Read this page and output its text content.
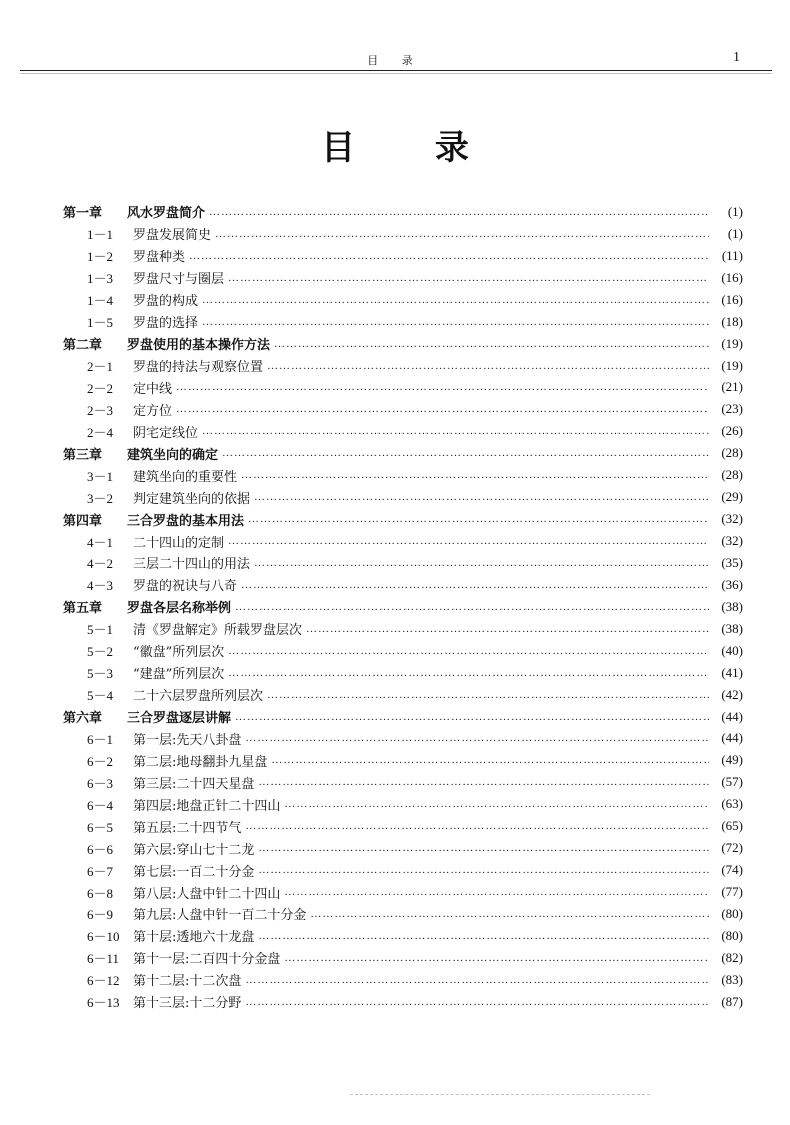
目 录	1
目 录
第一章	风水罗盘简介 …………………………………………………………………………………………………………………………………………………………………………………………………………	(1)
1－1	罗盘发展简史 …………………………………………………………………………………………………………………………………………………………………………………………………………	(1)
1－2	罗盘种类 …………………………………………………………………………………………………………………………………………………………………………………………………………	(11)
1－3	罗盘尺寸与圈层 …………………………………………………………………………………………………………………………………………………………………………………………………………	(16)
1－4	罗盘的构成 …………………………………………………………………………………………………………………………………………………………………………………………………………	(16)
1－5	罗盘的选择 …………………………………………………………………………………………………………………………………………………………………………………………………………	(18)
第二章	罗盘使用的基本操作方法 …………………………………………………………………………………………………………………………………………………………………………………………………………	(19)
2－1	罗盘的持法与观察位置 …………………………………………………………………………………………………………………………………………………………………………………………………………	(19)
2－2	定中线 …………………………………………………………………………………………………………………………………………………………………………………………………………	(21)
2－3	定方位 …………………………………………………………………………………………………………………………………………………………………………………………………………	(23)
2－4	阴宅定线位 …………………………………………………………………………………………………………………………………………………………………………………………………………	(26)
第三章	建筑坐向的确定 …………………………………………………………………………………………………………………………………………………………………………………………………………	(28)
3－1	建筑坐向的重要性 …………………………………………………………………………………………………………………………………………………………………………………………………………	(28)
3－2	判定建筑坐向的依据 …………………………………………………………………………………………………………………………………………………………………………………………………………	(29)
第四章	三合罗盘的基本用法 …………………………………………………………………………………………………………………………………………………………………………………………………………	(32)
4－1	二十四山的定制 …………………………………………………………………………………………………………………………………………………………………………………………………………	(32)
4－2	三层二十四山的用法 …………………………………………………………………………………………………………………………………………………………………………………………………………	(35)
4－3	罗盘的祝诀与八奇 …………………………………………………………………………………………………………………………………………………………………………………………………………	(36)
第五章	罗盘各层名称举例 …………………………………………………………………………………………………………………………………………………………………………………………………………	(38)
5－1	清《罗盘解定》所载罗盘层次 …………………………………………………………………………………………………………………………………………………………………………………………………………	(38)
5－2	“徽盘”所列层次 …………………………………………………………………………………………………………………………………………………………………………………………………………	(40)
5－3	“建盘”所列层次 …………………………………………………………………………………………………………………………………………………………………………………………………………	(41)
5－4	二十六层罗盘所列层次 …………………………………………………………………………………………………………………………………………………………………………………………………………	(42)
第六章	三合罗盘逐层讲解 …………………………………………………………………………………………………………………………………………………………………………………………………………	(44)
6－1	第一层:先天八卦盘 …………………………………………………………………………………………………………………………………………………………………………………………………………	(44)
6－2	第二层:地母翻卦九星盘 …………………………………………………………………………………………………………………………………………………………………………………………………………	(49)
6－3	第三层:二十四天星盘 …………………………………………………………………………………………………………………………………………………………………………………………………………	(57)
6－4	第四层:地盘正针二十四山 …………………………………………………………………………………………………………………………………………………………………………………………………………	(63)
6－5	第五层:二十四节气 …………………………………………………………………………………………………………………………………………………………………………………………………………	(65)
6－6	第六层:穿山七十二龙 …………………………………………………………………………………………………………………………………………………………………………………………………………	(72)
6－7	第七层:一百二十分金 …………………………………………………………………………………………………………………………………………………………………………………………………………	(74)
6－8	第八层:人盘中针二十四山 …………………………………………………………………………………………………………………………………………………………………………………………………………	(77)
6－9	第九层:人盘中针一百二十分金 …………………………………………………………………………………………………………………………………………………………………………………………………………	(80)
6－10	第十层:透地六十龙盘 …………………………………………………………………………………………………………………………………………………………………………………………………………	(80)
6－11	第十一层:二百四十分金盘 …………………………………………………………………………………………………………………………………………………………………………………………………………	(82)
6－12	第十二层:十二次盘 …………………………………………………………………………………………………………………………………………………………………………………………………………	(83)
6－13	第十三层:十二分野 …………………………………………………………………………………………………………………………………………………………………………………………………………	(87)
